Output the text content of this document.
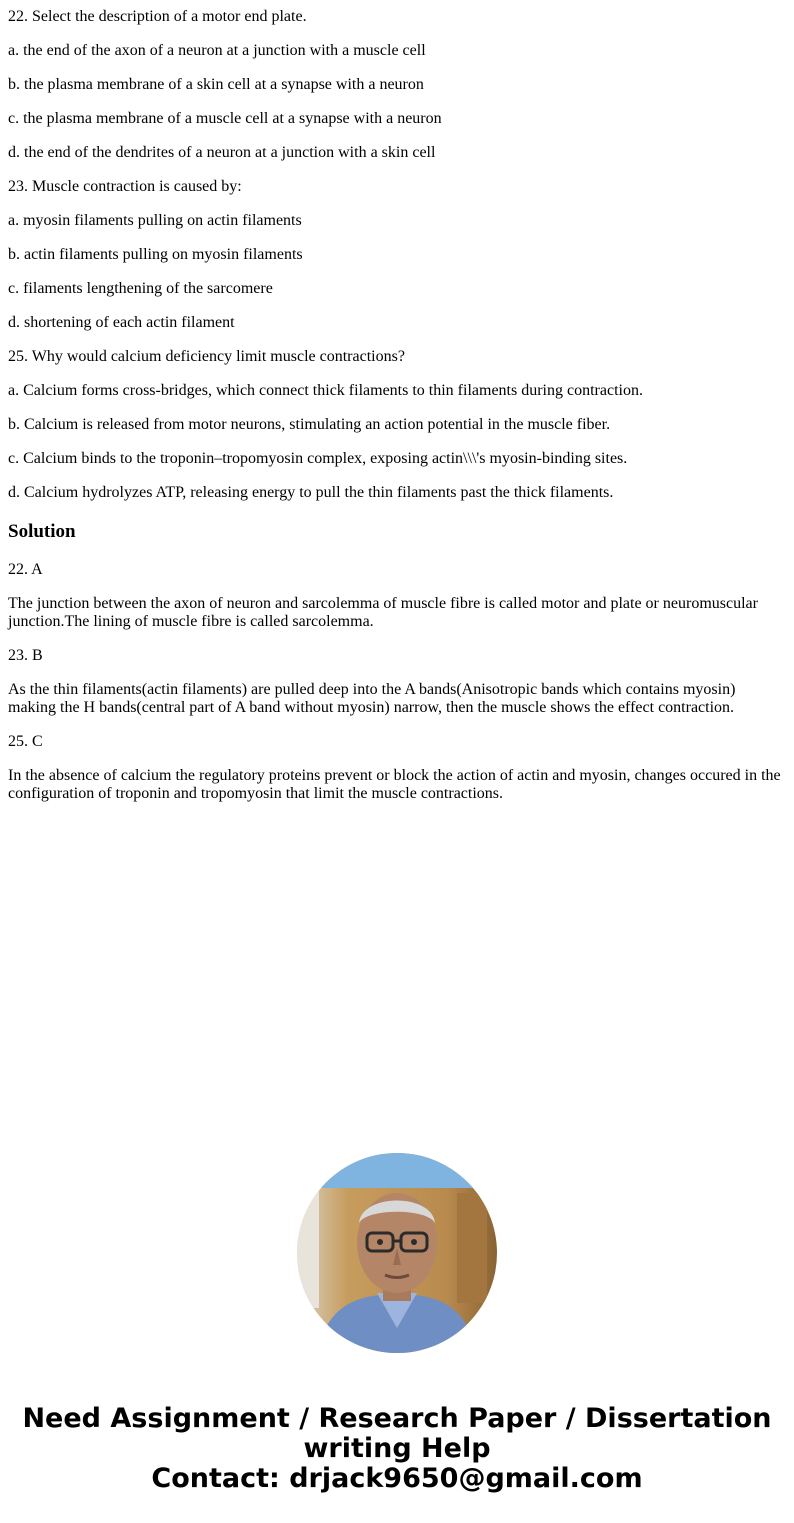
22. Select the description of a motor end plate.

a. the end of the axon of a neuron at a junction with a muscle cell

b. the plasma membrane of a skin cell at a synapse with a neuron

c. the plasma membrane of a muscle cell at a synapse with a neuron

d. the end of the dendrites of a neuron at a junction with a skin cell

23. Muscle contraction is caused by:

a. myosin filaments pulling on actin filaments

b. actin filaments pulling on myosin filaments

c. filaments lengthening of the sarcomere

d. shortening of each actin filament

25. Why would calcium deficiency limit muscle contractions?

a. Calcium forms cross-bridges, which connect thick filaments to thin filaments during contraction.

b. Calcium is released from motor neurons, stimulating an action potential in the muscle fiber.

c. Calcium binds to the troponin–tropomyosin complex, exposing actin\\\'s myosin-binding sites.

d. Calcium hydrolyzes ATP, releasing energy to pull the thin filaments past the thick filaments.

Solution

22. A

The junction between the axon of neuron and sarcolemma of muscle fibre is called motor and plate or neuromuscular junction.The lining of muscle fibre is called sarcolemma.

23. B

As the thin filaments(actin filaments) are pulled deep into the A bands(Anisotropic bands which contains myosin) making the H bands(central part of A band without myosin) narrow, then the muscle shows the effect contraction.

25. C

In the absence of calcium the regulatory proteins prevent or block the action of actin and myosin, changes occured in the configuration of troponin and tropomyosin that limit the muscle contractions.

Need Assignment / Research Paper / Dissertation
writing Help
Contact: drjack9650@gmail.com
